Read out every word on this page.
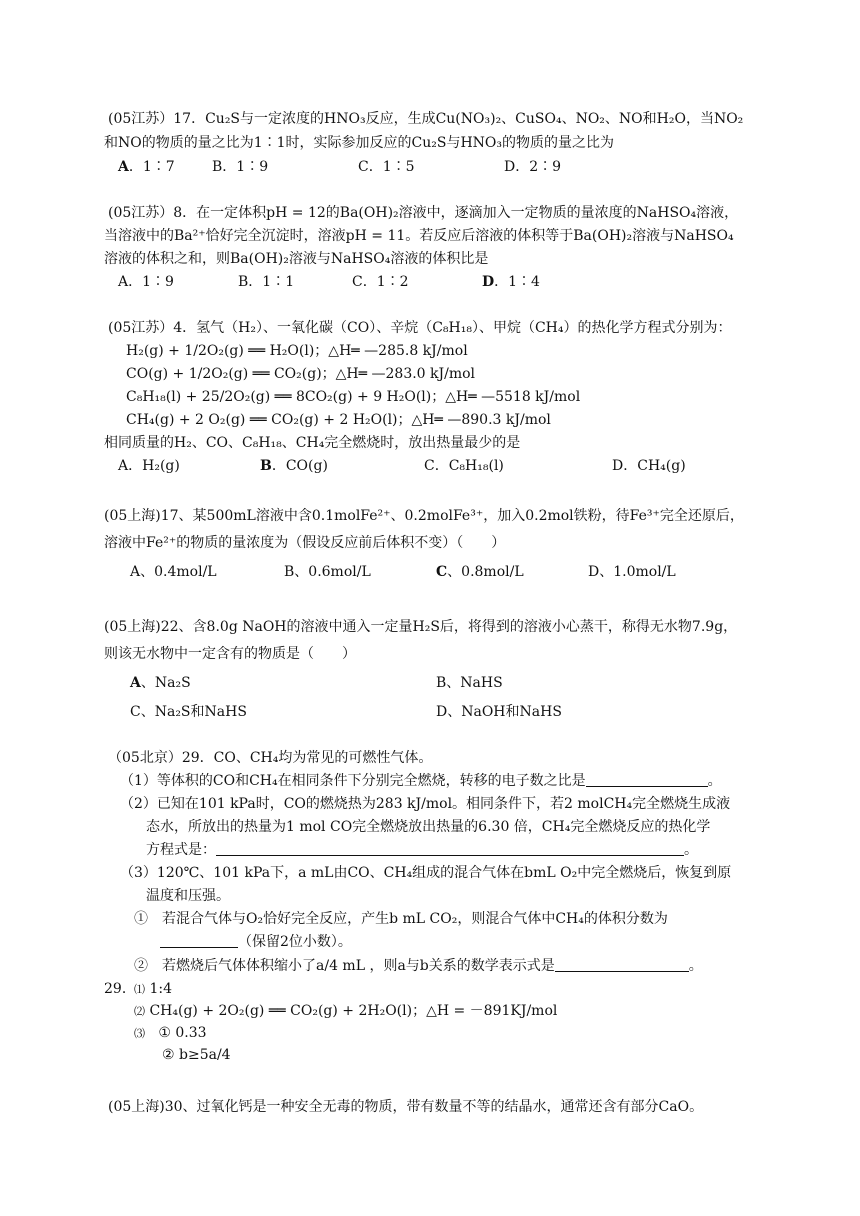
(05江苏）17．Cu₂S与一定浓度的HNO₃反应，生成Cu(NO₃)₂、CuSO₄、NO₂、NO和H₂O，当NO₂
和NO的物质的量之比为1∶1时，实际参加反应的Cu₂S与HNO₃的物质的量之比为
A．1∶7	B．1∶9	C．1∶5	D．2∶9
(05江苏）8．在一定体积pH = 12的Ba(OH)₂溶液中，逐滴加入一定物质的量浓度的NaHSO₄溶液，
当溶液中的Ba²⁺恰好完全沉淀时，溶液pH = 11。若反应后溶液的体积等于Ba(OH)₂溶液与NaHSO₄
溶液的体积之和，则Ba(OH)₂溶液与NaHSO₄溶液的体积比是
A．1∶9	B．1∶1	C．1∶2	D．1∶4
(05江苏）4．氢气（H₂）、一氧化碳（CO）、辛烷（C₈H₁₈）、甲烷（CH₄）的热化学方程式分别为：
H₂(g) + 1/2O₂(g) ══ H₂O(l)；△H═ —285.8 kJ/mol
CO(g) + 1/2O₂(g) ══ CO₂(g)；△H═ —283.0 kJ/mol
C₈H₁₈(l) + 25/2O₂(g) ══ 8CO₂(g) + 9 H₂O(l)；△H═ —5518 kJ/mol
CH₄(g) + 2 O₂(g) ══ CO₂(g) + 2 H₂O(l)；△H═ —890.3 kJ/mol
相同质量的H₂、CO、C₈H₁₈、CH₄完全燃烧时，放出热量最少的是
A．H₂(g)	B．CO(g)	C．C₈H₁₈(l)	D．CH₄(g)
(05上海)17、某500mL溶液中含0.1molFe²⁺、0.2molFe³⁺，加入0.2mol铁粉，待Fe³⁺完全还原后，
溶液中Fe²⁺的物质的量浓度为（假设反应前后体积不变）（　　）
A、0.4mol/L	B、0.6mol/L	C、0.8mol/L	D、1.0mol/L
(05上海)22、含8.0g NaOH的溶液中通入一定量H₂S后，将得到的溶液小心蒸干，称得无水物7.9g，
则该无水物中一定含有的物质是（　　）
A、Na₂S	B、NaHS
C、Na₂S和NaHS	D、NaOH和NaHS
（05北京）29．CO、CH₄均为常见的可燃性气体。
（1）等体积的CO和CH₄在相同条件下分别完全燃烧，转移的电子数之比是	。
（2）已知在101 kPa时，CO的燃烧热为283 kJ/mol。相同条件下，若2 molCH₄完全燃烧生成液
态水，所放出的热量为1 mol CO完全燃烧放出热量的6.30 倍，CH₄完全燃烧反应的热化学
方程式是：	。
（3）120℃、101 kPa下，a mL由CO、CH₄组成的混合气体在bmL O₂中完全燃烧后，恢复到原
温度和压强。
①　若混合气体与O₂恰好完全反应，产生b mL CO₂，则混合气体中CH₄的体积分数为
（保留2位小数）。
②　若燃烧后气体体积缩小了a/4 mL ，则a与b关系的数学表示式是	。
29．
⑴ 1:4
⑵ CH₄(g) + 2O₂(g) ══ CO₂(g) + 2H₂O(l)；△H = －891KJ/mol
⑶ ① 0.33
② b≥5a/4
(05上海)30、过氧化钙是一种安全无毒的物质，带有数量不等的结晶水，通常还含有部分CaO。
